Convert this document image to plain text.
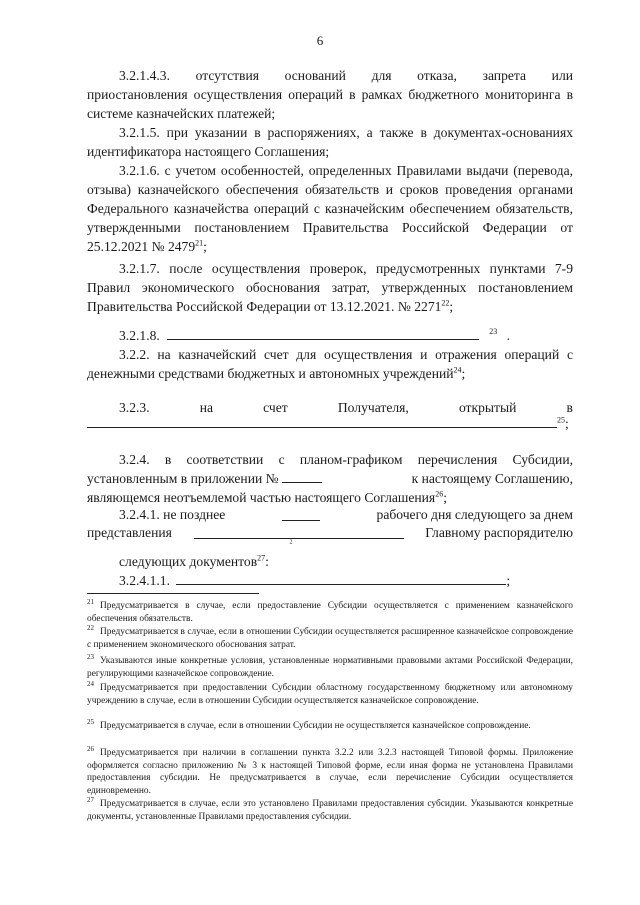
6
3.2.1.4.3. отсутствия оснований для отказа, запрета или
приостановления осуществления операций в рамках бюджетного мониторинга в системе казначейских платежей;
3.2.1.5. при указании в распоряжениях, а также в документах-основаниях идентификатора настоящего Соглашения;
3.2.1.6. с учетом особенностей, определенных Правилами выдачи (перевода, отзыва) казначейского обеспечения обязательств и сроков проведения органами Федерального казначейства операций с казначейским обеспечением обязательств, утвержденными постановлением Правительства Российской Федерации от 25.12.2021 № 2479$^{21}$;
3.2.1.7. после осуществления проверок, предусмотренных пунктами 7-9 Правил экономического обоснования затрат, утвержденных постановлением Правительства Российской Федерации от 13.12.2021. № 2271$^{22}$;
3.2.1.8.	$^{23}$ .
3.2.2. на казначейский счет для осуществления и отражения операций с денежными средствами бюджетных и автономных учреждений$^{24}$;
3.2.3.	на	счет	Получателя,	открытый	в
$^{25}$;
3.2.4. в соответствии с планом-графиком перечисления Субсидии,
установленным в приложении №	к настоящему Соглашению,
являющемся неотъемлемой частью настоящего Соглашения$^{26}$;
3.2.4.1. не позднее	рабочего дня следующего за днем
представления	Главному распорядителю
$^2$
следующих документов$^{27}$:
3.2.4.1.1.	;
$^{21}$ Предусматривается в случае, если предоставление Субсидии осуществляется с применением казначейского обеспечения обязательств.
$^{22}$ Предусматривается в случае, если в отношении Субсидии осуществляется расширенное казначейское сопровождение с применением экономического обоснования затрат.
$^{23}$ Указываются иные конкретные условия, установленные нормативными правовыми актами Российской Федерации, регулирующими казначейское сопровождение.
$^{24}$ Предусматривается при предоставлении Субсидии областному государственному бюджетному или автономному учреждению в случае, если в отношении Субсидии осуществляется казначейское сопровождение.
$^{25}$ Предусматривается в случае, если в отношении Субсидии не осуществляется казначейское сопровождение.
$^{26}$ Предусматривается при наличии в соглашении пункта 3.2.2 или 3.2.3 настоящей Типовой формы. Приложение оформляется согласно приложению № 3 к настоящей Типовой форме, если иная форма не установлена Правилами предоставления субсидии. Не предусматривается в случае, если перечисление Субсидии осуществляется единовременно.
$^{27}$ Предусматривается в случае, если это установлено Правилами предоставления субсидии. Указываются конкретные документы, установленные Правилами предоставления субсидии.
